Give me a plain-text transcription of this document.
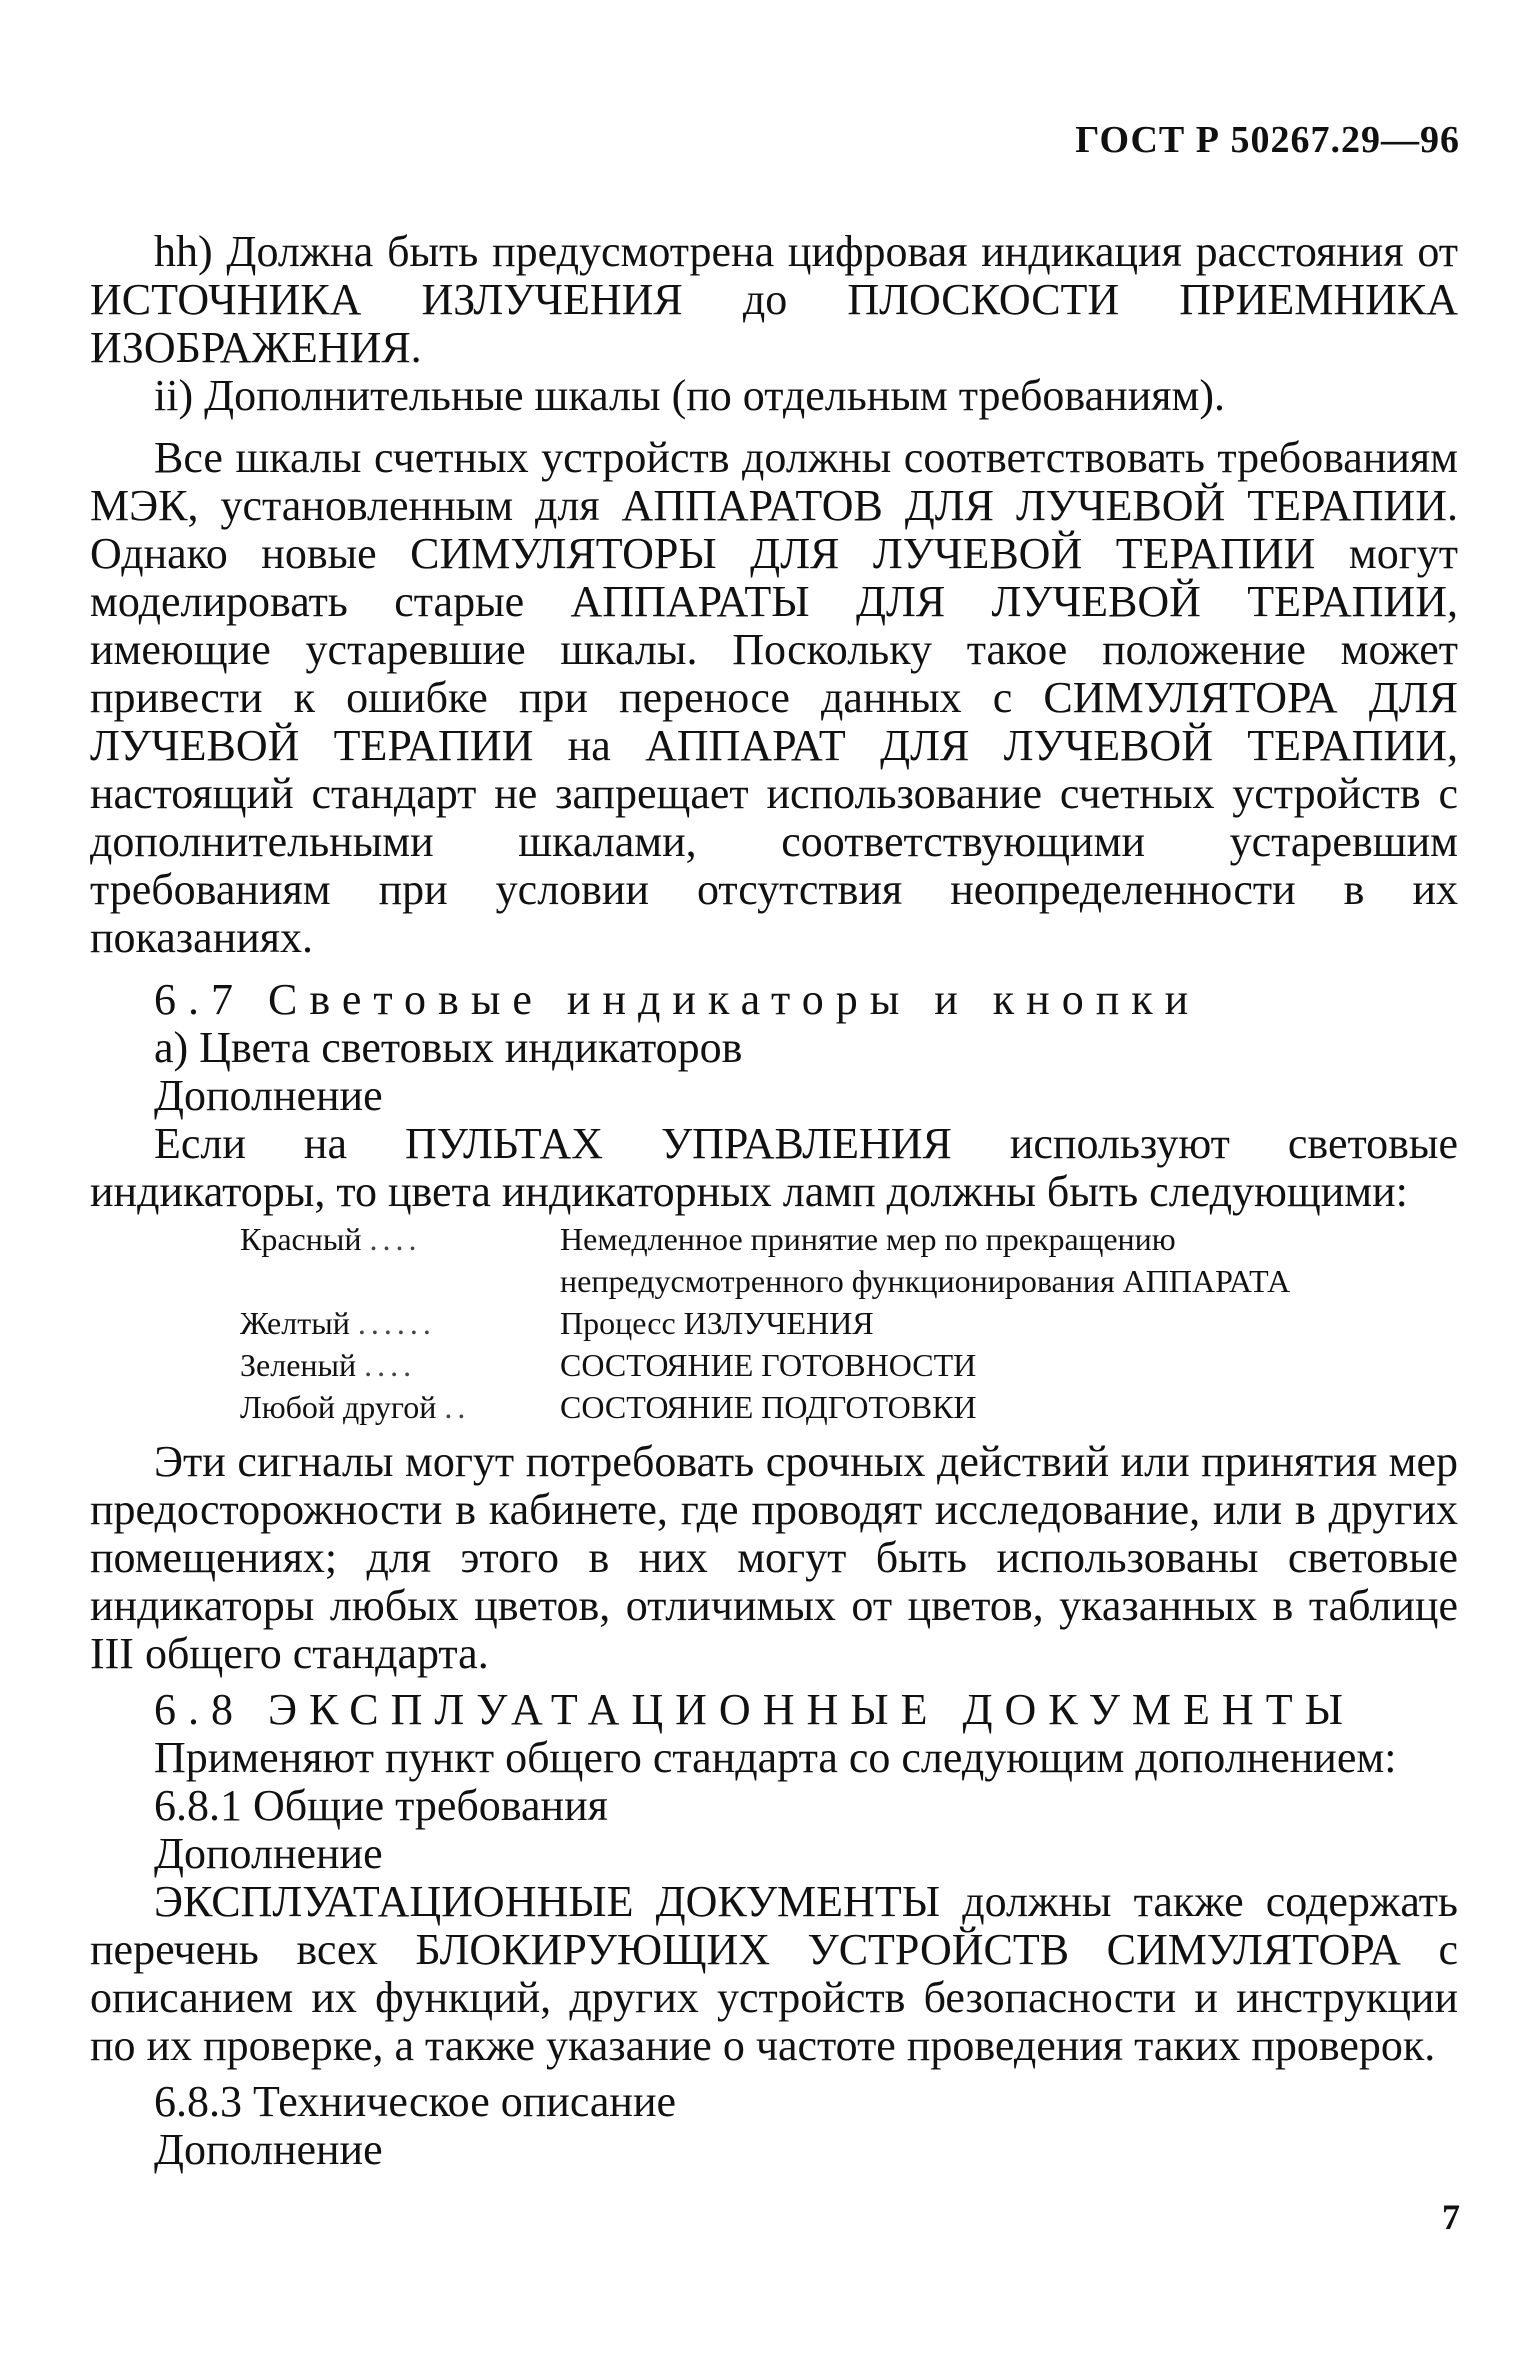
ГОСТ Р 50267.29—96

hh) Должна быть предусмотрена цифровая индикация расстояния от ИСТОЧНИКА ИЗЛУЧЕНИЯ до ПЛОСКОСТИ ПРИЕМНИКА ИЗОБРАЖЕНИЯ.

ii) Дополнительные шкалы (по отдельным требованиям).

Все шкалы счетных устройств должны соответствовать требованиям МЭК, установленным для АППАРАТОВ ДЛЯ ЛУЧЕВОЙ ТЕРАПИИ. Однако новые СИМУЛЯТОРЫ ДЛЯ ЛУЧЕВОЙ ТЕРАПИИ могут моделировать старые АППАРАТЫ ДЛЯ ЛУЧЕВОЙ ТЕРАПИИ, имеющие устаревшие шкалы. Поскольку такое положение может привести к ошибке при переносе данных с СИМУЛЯТОРА ДЛЯ ЛУЧЕВОЙ ТЕРАПИИ на АППАРАТ ДЛЯ ЛУЧЕВОЙ ТЕРАПИИ, настоящий стандарт не запрещает использование счетных устройств с дополнительными шкалами, соответствующими устаревшим требованиям при условии отсутствия неопределенности в их показаниях.

6.7 Световые индикаторы и кнопки

а) Цвета световых индикаторов

Дополнение

Если на ПУЛЬТАХ УПРАВЛЕНИЯ используют световые индикаторы, то цвета индикаторных ламп должны быть следующими:

Красный ....	Немедленное принятие мер по прекращению непредусмотренного функционирования АППАРАТА
Желтый ......	Процесс ИЗЛУЧЕНИЯ
Зеленый ....	СОСТОЯНИЕ ГОТОВНОСТИ
Любой другой ..	СОСТОЯНИЕ ПОДГОТОВКИ

Эти сигналы могут потребовать срочных действий или принятия мер предосторожности в кабинете, где проводят исследование, или в других помещениях; для этого в них могут быть использованы световые индикаторы любых цветов, отличимых от цветов, указанных в таблице III общего стандарта.

6.8 ЭКСПЛУАТАЦИОННЫЕ ДОКУМЕНТЫ

Применяют пункт общего стандарта со следующим дополнением:

6.8.1 Общие требования

Дополнение

ЭКСПЛУАТАЦИОННЫЕ ДОКУМЕНТЫ должны также содержать перечень всех БЛОКИРУЮЩИХ УСТРОЙСТВ СИМУЛЯТОРА с описанием их функций, других устройств безопасности и инструкции по их проверке, а также указание о частоте проведения таких проверок.

6.8.3 Техническое описание

Дополнение

7
